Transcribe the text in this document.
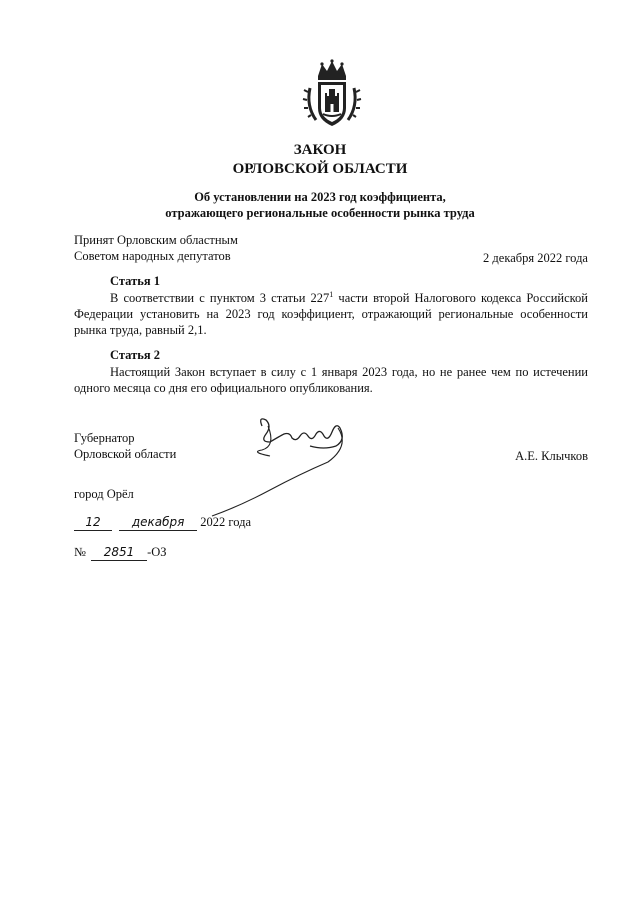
ЗАКОН
ОРЛОВСКОЙ ОБЛАСТИ
Об установлении на 2023 год коэффициента,
отражающего региональные особенности рынка труда
Принят Орловским областным
Советом народных депутатов	2 декабря 2022 года
Статья 1
В соответствии с пунктом 3 статьи $227^1$ части второй Налогового кодекса Российской Федерации установить на 2023 год коэффициент, отражающий региональные особенности рынка труда, равный 2,1.
Статья 2
Настоящий Закон вступает в силу с 1 января 2023 года, но не ранее чем по истечении одного месяца со дня его официального опубликования.
Губернатор
Орловской области	А.Е. Клычков
город Орёл
12	декабря 2022 года
№ 2851 -ОЗ
